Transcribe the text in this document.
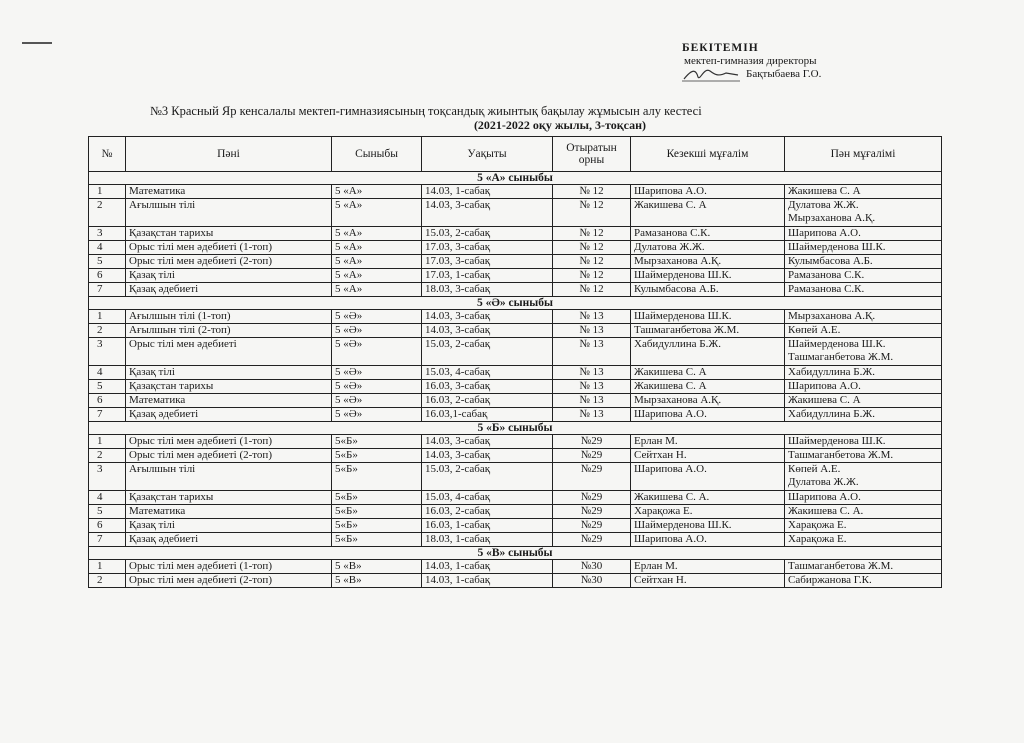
БЕКІТЕМІН
мектеп-гимназия директоры
Бақтыбаева Г.О.
№3 Красный Яр кенсалалы мектеп-гимназиясының тоқсандық жиынтық бақылау жұмысын алу кестесі
(2021-2022 оқу жылы, 3-тоқсан)
№	Пәні	Сыныбы	Уақыты	Отыратын орны	Кезекші мұғалім	Пән мұғалімі
5 «А» сыныбы						
1	Математика	5 «А»	14.03, 1-сабақ	№ 12	Шарипова А.О.	Жакишева С. А

2	Ағылшын тілі	5 «А»	14.03, 3-сабақ	№ 12	Жакишева С. А	Дулатова Ж.Ж.
Мырзаханова А.Қ.

3	Қазақстан тарихы	5 «А»	15.03, 2-сабақ	№ 12	Рамазанова С.К.	Шарипова А.О.

4	Орыс тілі мен әдебиеті (1-топ)	5 «А»	17.03, 3-сабақ	№ 12	Дулатова Ж.Ж.	Шаймерденова Ш.К.

5	Орыс тілі мен әдебиеті (2-топ)	5 «А»	17.03, 3-сабақ	№ 12	Мырзаханова А.Қ.	Кулымбасова А.Б.

6	Қазақ тілі	5 «А»	17.03, 1-сабақ	№ 12	Шаймерденова Ш.К.	Рамазанова С.К.

7	Қазақ әдебиеті	5 «А»	18.03, 3-сабақ	№ 12	Кулымбасова А.Б.	Рамазанова С.К.

5 «Ә» сыныбы						
1	Ағылшын тілі (1-топ)	5 «Ә»	14.03, 3-сабақ	№ 13	Шаймерденова Ш.К.	Мырзаханова А.Қ.

2	Ағылшын тілі (2-топ)	5 «Ә»	14.03, 3-сабақ	№ 13	Ташмаганбетова Ж.М.	Көпей А.Е.

3	Орыс тілі мен әдебиеті	5 «Ә»	15.03, 2-сабақ	№ 13	Хабидуллина Б.Ж.	Шаймерденова Ш.К.
Ташмаганбетова Ж.М.

4	Қазақ тілі	5 «Ә»	15.03, 4-сабақ	№ 13	Жакишева С. А	Хабидуллина Б.Ж.

5	Қазақстан тарихы	5 «Ә»	16.03, 3-сабақ	№ 13	Жакишева С. А	Шарипова А.О.

6	Математика	5 «Ә»	16.03, 2-сабақ	№ 13	Мырзаханова А.Қ.	Жакишева С. А

7	Қазақ әдебиеті	5 «Ә»	16.03,1-сабақ	№ 13	Шарипова А.О.	Хабидуллина Б.Ж.

5 «Б» сыныбы						
1	Орыс тілі мен әдебиеті (1-топ)	5«Б»	14.03, 3-сабақ	№29	Ерлан М.	Шаймерденова Ш.К.

2	Орыс тілі мен әдебиеті (2-топ)	5«Б»	14.03, 3-сабақ	№29	Сейтхан Н.	Ташмаганбетова Ж.М.

3	Ағылшын тілі	5«Б»	15.03, 2-сабақ	№29	Шарипова А.О.	Көпей А.Е.
Дулатова Ж.Ж.

4	Қазақстан тарихы	5«Б»	15.03, 4-сабақ	№29	Жакишева С. А.	Шарипова А.О.

5	Математика	5«Б»	16.03, 2-сабақ	№29	Харақожа Е.	Жакишева С. А.

6	Қазақ тілі	5«Б»	16.03, 1-сабақ	№29	Шаймерденова Ш.К.	Харақожа Е.

7	Қазақ әдебиеті	5«Б»	18.03, 1-сабақ	№29	Шарипова А.О.	Харақожа Е.

5 «В» сыныбы						
1	Орыс тілі мен әдебиеті (1-топ)	5 «В»	14.03, 1-сабақ	№30	Ерлан М.	Ташмаганбетова Ж.М.

2	Орыс тілі мен әдебиеті (2-топ)	5 «В»	14.03, 1-сабақ	№30	Сейтхан Н.	Сабиржанова Г.К.
